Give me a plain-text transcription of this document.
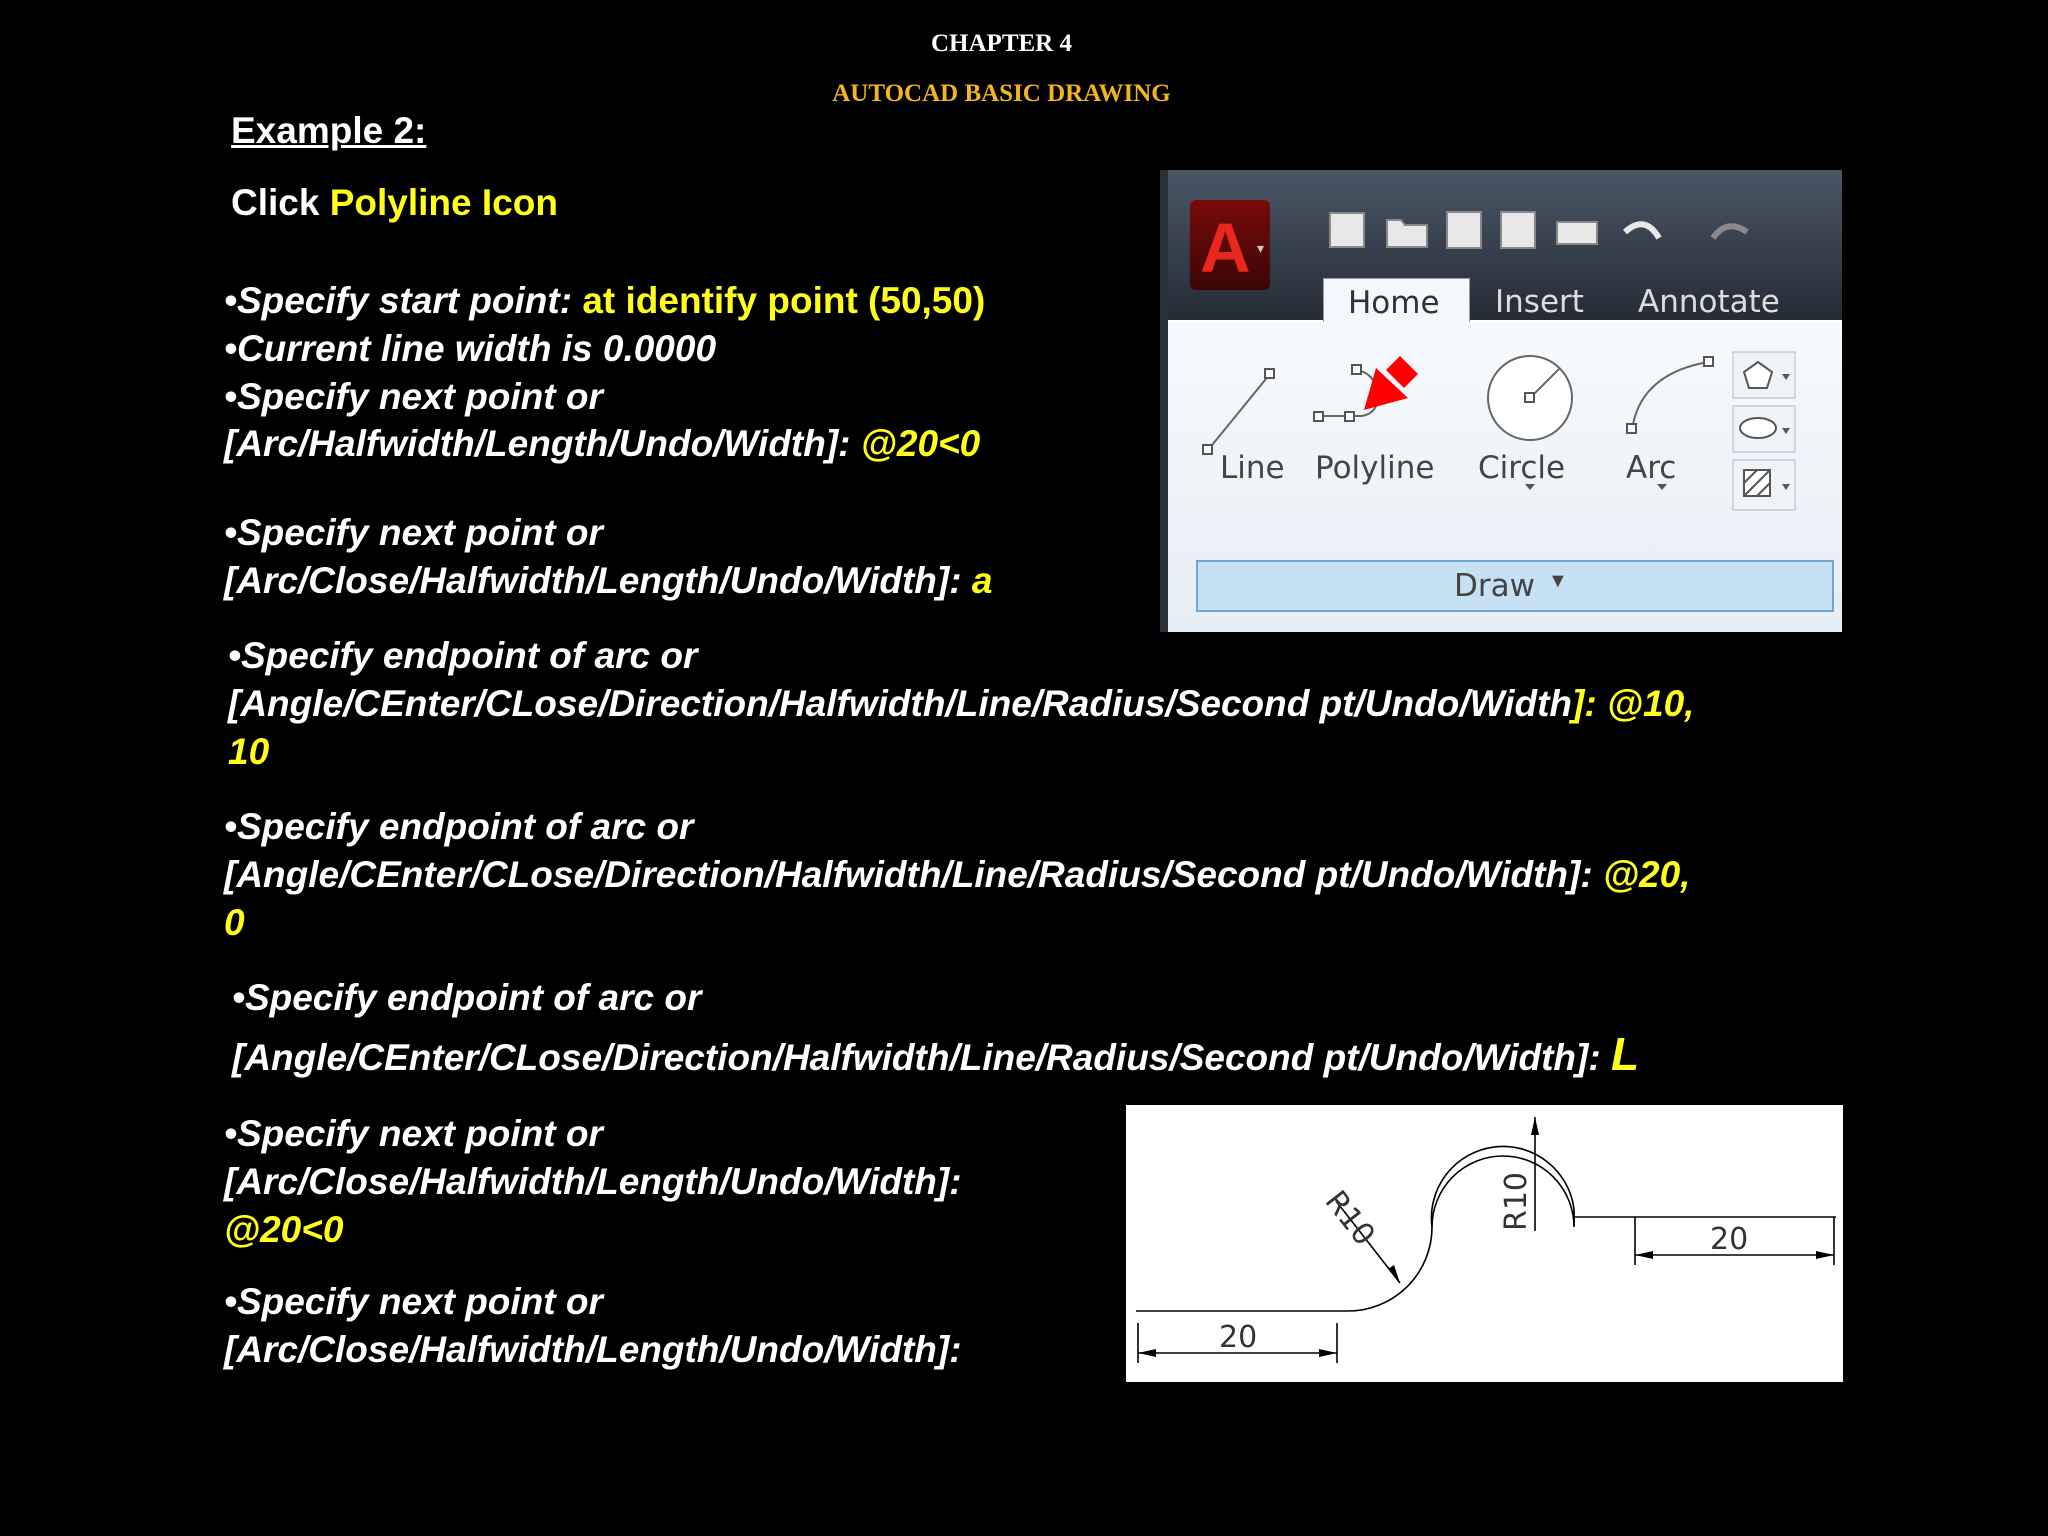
CHAPTER 4
AUTOCAD BASIC DRAWING
Example 2:
Click Polyline Icon
•Specify start point: at identify point (50,50)
•Current line width is 0.0000
•Specify next point or
[Arc/Halfwidth/Length/Undo/Width]: @20<0
•Specify next point or
[Arc/Close/Halfwidth/Length/Undo/Width]: a
•Specify endpoint of arc or
[Angle/CEnter/CLose/Direction/Halfwidth/Line/Radius/Second pt/Undo/Width]: @10,
10
•Specify endpoint of arc or
[Angle/CEnter/CLose/Direction/Halfwidth/Line/Radius/Second pt/Undo/Width]: @20,
0
•Specify endpoint of arc or
[Angle/CEnter/CLose/Direction/Halfwidth/Line/Radius/Second pt/Undo/Width]: L
•Specify next point or
[Arc/Close/Halfwidth/Length/Undo/Width]:
@20<0
•Specify next point or
[Arc/Close/Halfwidth/Length/Undo/Width]:
A ▾
Home Insert Annotate
Line Polyline Circle Arc
Draw ▼
20
20
R10	R10
